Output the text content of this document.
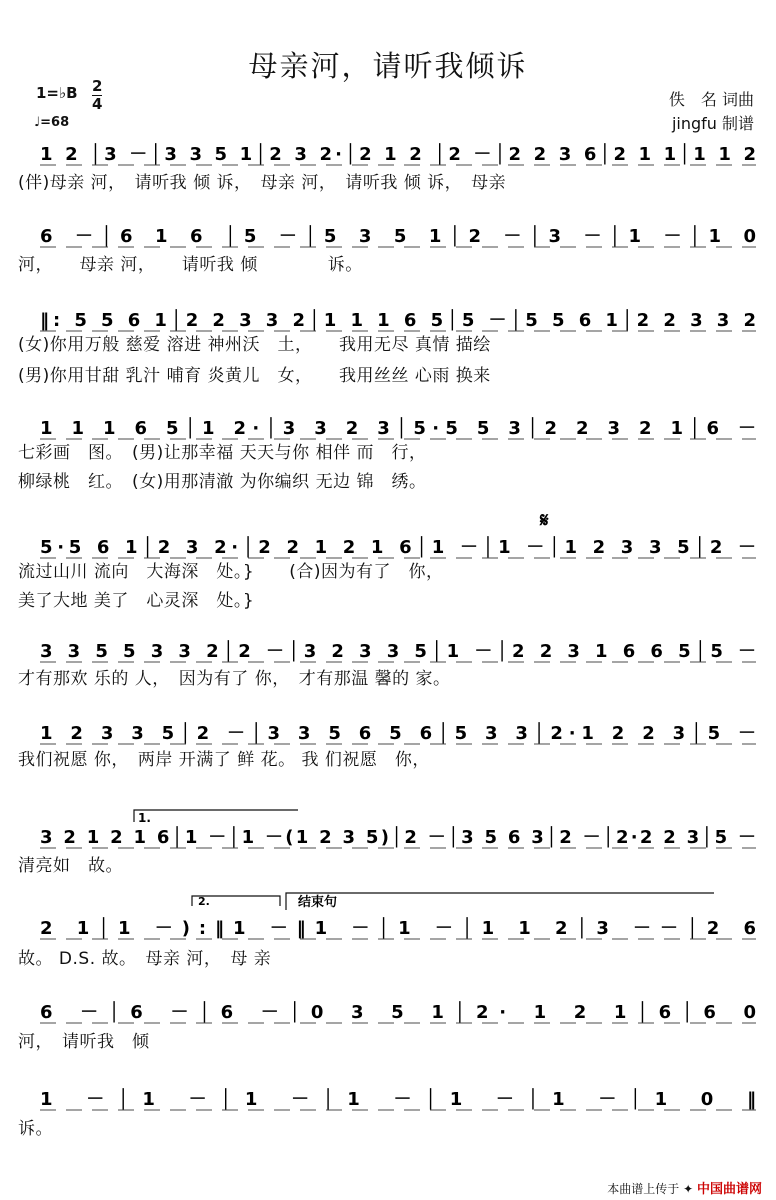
母亲河，请听我倾诉
1=♭B 2
4
♩=68
佚　名 词曲
jingfu 制谱
1 2 │3 －│3 3 5 1│2 3 2·│2 1 2 │2 －│2 2 3 6│2 1 1│1 1 2
6 －│6 1 6 │5 －│5 3 5 1│2 －│3 －│1 －│1 0
‖: 5 5 6 1│2 2 3 3 2│1 1 1 6 5│5 －│5 5 6 1│2 2 3 3 2
1 1 1 6 5│1 2·│3 3 2 3│5·5 5 3│2 2 3 2 1│6 －
5·5 6 1│2 3 2·│2 2 1 2 1 6│1 －│1 －│1 2 3 3 5│2 －
3 3 5 5 3 3 2│2 －│3 2 3 3 5│1 －│2 2 3 1 6 6 5│5 －
1 2 3 3 5│2 －│3 3 5 6 5 6│5 3 3│2·1 2 2 3│5 －
3 2 1 2 1 6│1 －│1 －(1 2 3 5)│2 －│3 5 6 3│2 －│2·2 2 3│5 －
2 1│1 －):‖1 －‖1 －│1 －│1 1 2│3 －－│2 6
6 －│6 －│6 －│0 3 5 1│2· 1 2 1│6│6 0
1 －│1 －│1 －│1 －│1 －│1 －│1 0 ‖
1.
2.	结束句
𝄋
(伴)母亲 河，　请听我 倾 诉，　母亲 河，　请听我 倾 诉，　母亲
河，　　母亲 河，　　请听我 倾　　　　诉。
(女)你用万般 慈爱 溶进 神州沃　土，　　我用无尽 真情 描绘
(男)你用甘甜 乳汁 哺育 炎黄儿　女，　　我用丝丝 心雨 换来
七彩画　图。　(男)让那幸福 天天与你 相伴 而　行，
柳绿桃　红。　(女)用那清澈 为你编织 无边 锦　绣。
流过山川 流向　大海深　处。}　　(合)因为有了　你，
美了大地 美了　心灵深　处。}
才有那欢 乐的 人，　因为有了 你，　才有那温 馨的 家。
我们祝愿 你，　两岸 开满了 鲜 花。 我 们祝愿　你，
清亮如　故。
故。 D.S. 故。　母亲 河，　母 亲
河，　请听我　倾
诉。
本曲谱上传于 ✦ 中国曲谱网
